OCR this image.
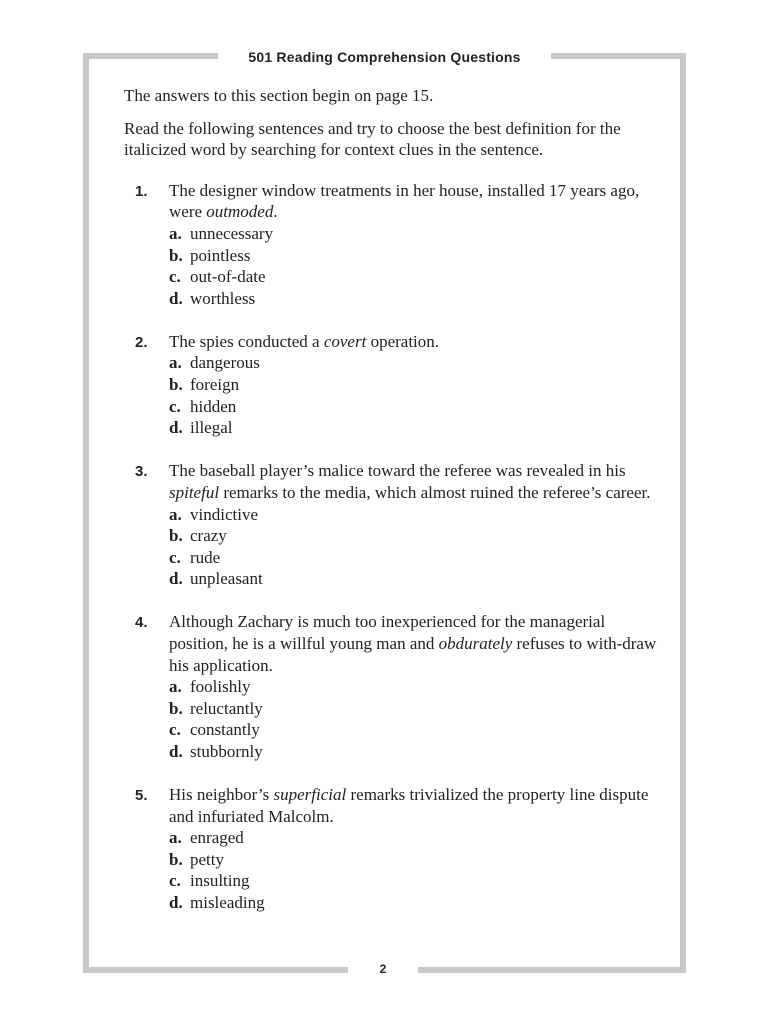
501 Reading Comprehension Questions

The answers to this section begin on page 15.

Read the following sentences and try to choose the best definition for the italicized word by searching for context clues in the sentence.

1. The designer window treatments in her house, installed 17 years ago, were outmoded.
a. unnecessary
b. pointless
c. out-of-date
d. worthless
2. The spies conducted a covert operation.
a. dangerous
b. foreign
c. hidden
d. illegal
3. The baseball player’s malice toward the referee was revealed in his spiteful remarks to the media, which almost ruined the referee’s career.
a. vindictive
b. crazy
c. rude
d. unpleasant
4. Although Zachary is much too inexperienced for the managerial position, he is a willful young man and obdurately refuses to with-draw his application.
a. foolishly
b. reluctantly
c. constantly
d. stubbornly
5. His neighbor’s superficial remarks trivialized the property line dispute and infuriated Malcolm.
a. enraged
b. petty
c. insulting
d. misleading
2
